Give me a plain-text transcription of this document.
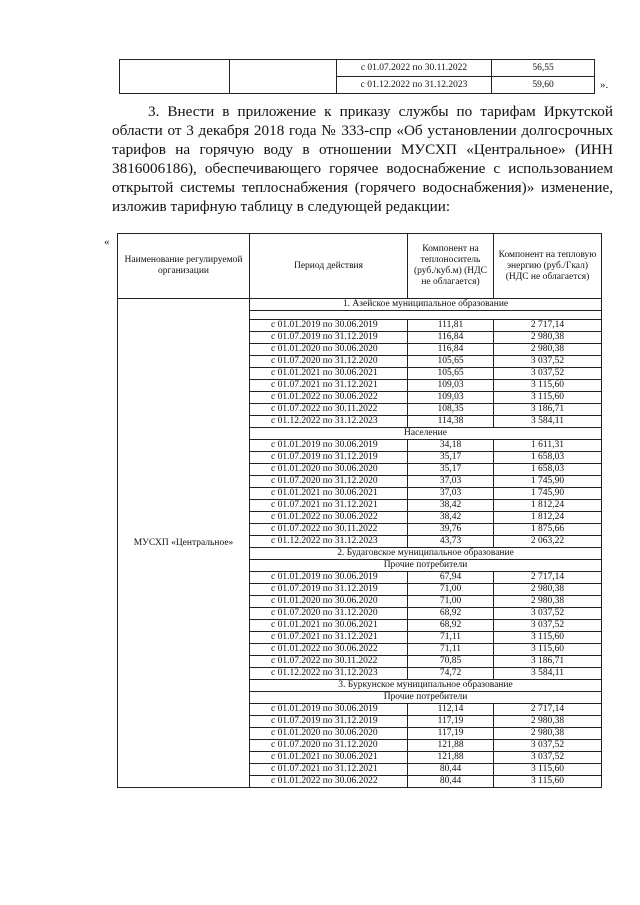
		с 01.07.2022 по 30.11.2022	56,55
		с 01.12.2022 по 31.12.2023	59,60	».

3. Внести в приложение к приказу службы по тарифам Иркутской области от 3 декабря 2018 года № 333-спр «Об установлении долгосрочных тарифов на горячую воду в отношении МУСХП «Центральное» (ИНН 3816006186), обеспечивающего горячее водоснабжение с использованием открытой системы теплоснабжения (горячего водоснабжения)» изменение, изложив тарифную таблицу в следующей редакции:

«
Наименование регулируемой организации	Период действия	Компонент на теплоноситель (руб./куб.м) (НДС не облагается)	Компонент на тепловую энергию (руб./Гкал) (НДС не облагается)
МУСХП «Центральное»	1. Азейское муниципальное образование		

	с 01.01.2019 по 30.06.2019	111,81	2 717,14
	с 01.07.2019 по 31.12.2019	116,84	2 980,38
	с 01.01.2020 по 30.06.2020	116,84	2 980,38
	с 01.07.2020 по 31.12.2020	105,65	3 037,52
	с 01.01.2021 по 30.06.2021	105,65	3 037,52
	с 01.07.2021 по 31.12.2021	109,03	3 115,60
	с 01.01.2022 по 30.06.2022	109,03	3 115,60
	с 01.07.2022 по 30.11.2022	108,35	3 186,71
	с 01.12.2022 по 31.12.2023	114,38	3 584,11
	Население		
	с 01.01.2019 по 30.06.2019	34,18	1 611,31
	с 01.07.2019 по 31.12.2019	35,17	1 658,03
	с 01.01.2020 по 30.06.2020	35,17	1 658,03
	с 01.07.2020 по 31.12.2020	37,03	1 745,90
	с 01.01.2021 по 30.06.2021	37,03	1 745,90
	с 01.07.2021 по 31.12.2021	38,42	1 812,24
	с 01.01.2022 по 30.06.2022	38,42	1 812,24
	с 01.07.2022 по 30.11.2022	39,76	1 875,66
	с 01.12.2022 по 31.12.2023	43,73	2 063,22
	2. Будаговское муниципальное образование		
	Прочие потребители		
	с 01.01.2019 по 30.06.2019	67,94	2 717,14
	с 01.07.2019 по 31.12.2019	71,00	2 980,38
	с 01.01.2020 по 30.06.2020	71,00	2 980,38
	с 01.07.2020 по 31.12.2020	68,92	3 037,52
	с 01.01.2021 по 30.06.2021	68,92	3 037,52
	с 01.07.2021 по 31.12.2021	71,11	3 115,60
	с 01.01.2022 по 30.06.2022	71,11	3 115,60
	с 01.07.2022 по 30.11.2022	70,85	3 186,71
	с 01.12.2022 по 31.12.2023	74,72	3 584,11
	3. Буркунское муниципальное образование		
	Прочие потребители		
	с 01.01.2019 по 30.06.2019	112,14	2 717,14
	с 01.07.2019 по 31.12.2019	117,19	2 980,38
	с 01.01.2020 по 30.06.2020	117,19	2 980,38
	с 01.07.2020 по 31.12.2020	121,88	3 037,52
	с 01.01.2021 по 30.06.2021	121,88	3 037,52
	с 01.07.2021 по 31.12.2021	80,44	3 115,60
	с 01.01.2022 по 30.06.2022	80,44	3 115,60
